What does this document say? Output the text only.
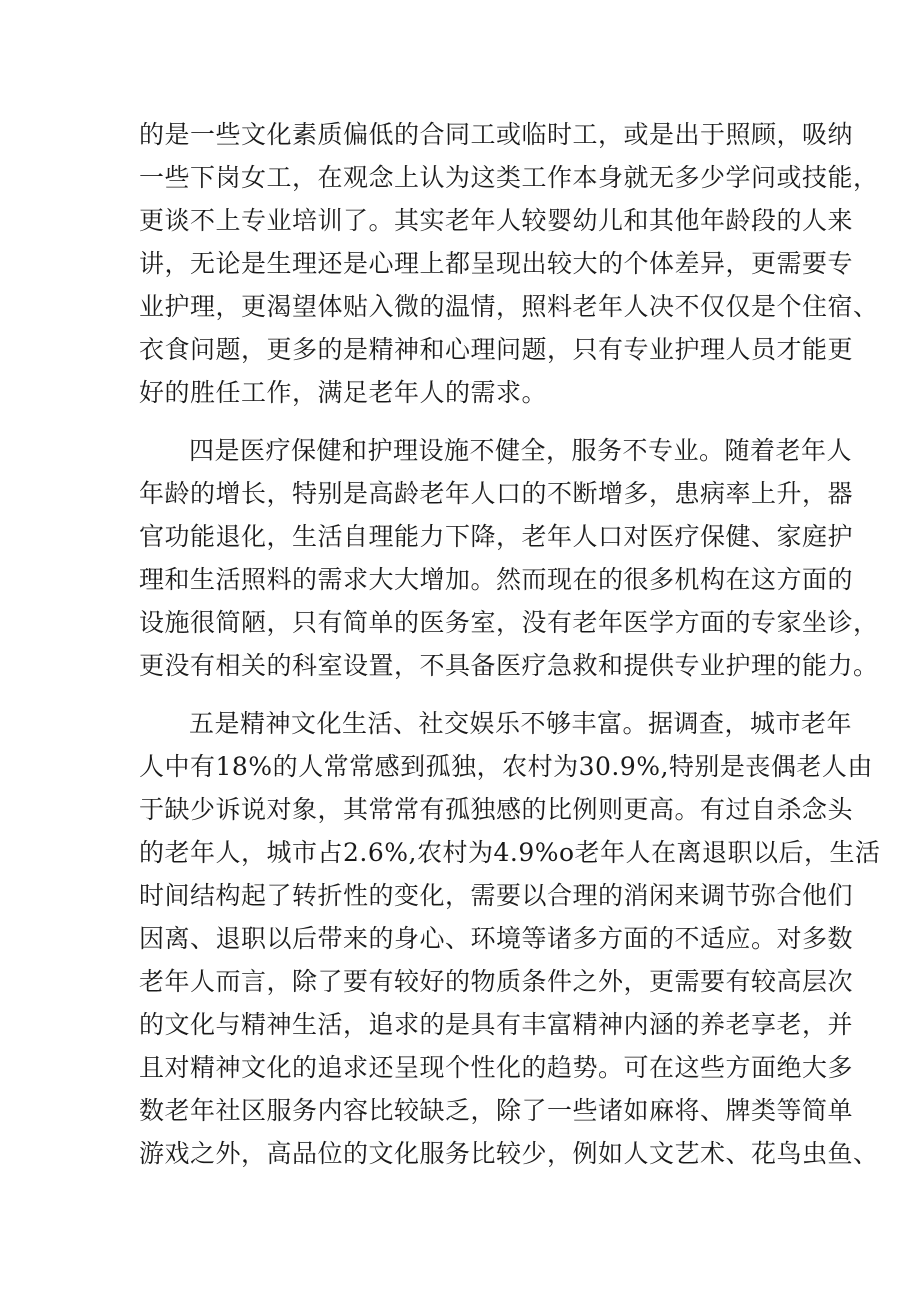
的是一些文化素质偏低的合同工或临时工，或是出于照顾，吸纳
一些下岗女工，在观念上认为这类工作本身就无多少学问或技能，
更谈不上专业培训了。其实老年人较婴幼儿和其他年龄段的人来
讲，无论是生理还是心理上都呈现出较大的个体差异，更需要专
业护理，更渴望体贴入微的温情，照料老年人决不仅仅是个住宿、
衣食问题，更多的是精神和心理问题，只有专业护理人员才能更
好的胜任工作，满足老年人的需求。
四是医疗保健和护理设施不健全，服务不专业。随着老年人
年龄的增长，特别是高龄老年人口的不断增多，患病率上升，器
官功能退化，生活自理能力下降，老年人口对医疗保健、家庭护
理和生活照料的需求大大增加。然而现在的很多机构在这方面的
设施很简陋，只有简单的医务室，没有老年医学方面的专家坐诊，
更没有相关的科室设置，不具备医疗急救和提供专业护理的能力。
五是精神文化生活、社交娱乐不够丰富。据调查，城市老年
人中有18%的人常常感到孤独，农村为30.9%,特别是丧偶老人由
于缺少诉说对象，其常常有孤独感的比例则更高。有过自杀念头
的老年人，城市占2.6%,农村为4.9%o老年人在离退职以后，生活
时间结构起了转折性的变化，需要以合理的消闲来调节弥合他们
因离、退职以后带来的身心、环境等诸多方面的不适应。对多数
老年人而言，除了要有较好的物质条件之外，更需要有较高层次
的文化与精神生活，追求的是具有丰富精神内涵的养老享老，并
且对精神文化的追求还呈现个性化的趋势。可在这些方面绝大多
数老年社区服务内容比较缺乏，除了一些诸如麻将、牌类等简单
游戏之外，高品位的文化服务比较少，例如人文艺术、花鸟虫鱼、
